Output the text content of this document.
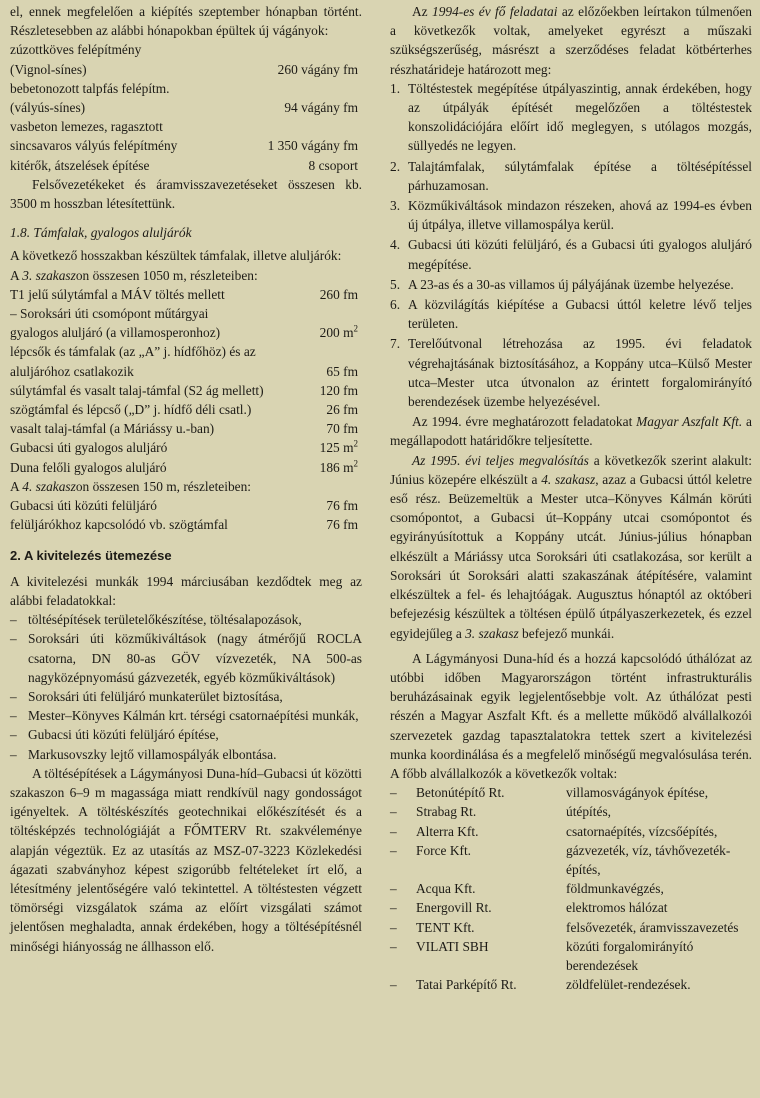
el, ennek megfelelően a kiépítés szeptember hónapban történt. Részletesebben az alábbi hónapokban épültek új vágányok:

zúzottköves felépítmény
(Vignol-sínes)	260 vágány fm
bebetonozott talpfás felépítm.
(vályús-sínes)	94 vágány fm
vasbeton lemezes, ragasztott
sincsavaros vályús felépítmény	1 350 vágány fm
kitérők, átszelések építése	8 csoport

Felsővezetékeket és áramvisszavezetéseket összesen kb. 3500 m hosszban létesítettünk.

1.8. Támfalak, gyalogos aluljárók

A következő hosszakban készültek támfalak, illetve aluljárók:

A 3. szakaszon összesen 1050 m, részleteiben:

T1 jelű súlytámfal a MÁV töltés mellett	260 fm
– Soroksári úti csomópont műtárgyai
gyalogos aluljáró (a villamosperonhoz)	200 $m^2$
lépcsők és támfalak (az „A” j. hídfőhöz) és az
aluljáróhoz csatlakozik	65 fm
súlytámfal és vasalt talaj-támfal (S2 ág mellett)	120 fm
szögtámfal és lépcső („D” j. hídfő déli csatl.)	26 fm
vasalt talaj-támfal (a Máriássy u.-ban)	70 fm
Gubacsi úti gyalogos aluljáró	125 $m^2$
Duna felőli gyalogos aluljáró	186 $m^2$

A 4. szakaszon összesen 150 m, részleteiben:

Gubacsi úti közúti felüljáró	76 fm
felüljárókhoz kapcsolódó vb. szögtámfal	76 fm
2. A kivitelezés ütemezése

A kivitelezési munkák 1994 márciusában kezdődtek meg az alábbi feladatokkal:

– töltésépítések területelőkészítése, töltésalapozások,
– Soroksári úti közműkiváltások (nagy átmérőjű ROCLA csatorna, DN 80-as GÖV vízvezeték, NA 500-as nagyközépnyomású gázvezeték, egyéb közműkiváltások)
– Soroksári úti felüljáró munkaterület biztosítása,
– Mester–Könyves Kálmán krt. térségi csatornaépítési munkák,
– Gubacsi úti közúti felüljáró építése,
– Markusovszky lejtő villamospályák elbontása.

A töltésépítések a Lágymányosi Duna-híd–Gubacsi út közötti szakaszon 6–9 m magassága miatt rendkívül nagy gondosságot igényeltek. A töltéskészítés geotechnikai előkészítését és a töltésképzés technológiáját a FŐMTERV Rt. szakvéleménye alapján végeztük. Ez az utasítás az MSZ-07-3223 Közlekedési ágazati szabványhoz képest szigorúbb feltételeket írt elő, a létesítmény jelentőségére való tekintettel. A töltéstesten végzett tömörségi vizsgálatok száma az előírt vizsgálati számot jelentősen meghaladta, annak érdekében, hogy a töltésépítésnél minőségi hiányosság ne állhasson elő.

Az 1994-es év fő feladatai az előzőekben leírtakon túlmenően a következők voltak, amelyeket egyrészt a műszaki szükségszerűség, másrészt a szerződéses feladat kötbérterhes részhatárideje határozott meg:

1. Töltéstestek megépítése útpályaszintig, annak érdekében, hogy az útpályák építését megelőzően a töltéstestek konszolidációjára előírt idő meglegyen, s utólagos mozgás, süllyedés ne legyen.
2. Talajtámfalak, súlytámfalak építése a töltésépítéssel párhuzamosan.
3. Közműkiváltások mindazon részeken, ahová az 1994-es évben új útpálya, illetve villamospálya kerül.
4. Gubacsi úti közúti felüljáró, és a Gubacsi úti gyalogos aluljáró megépítése.
5. A 23-as és a 30-as villamos új pályájának üzembe helyezése.
6. A közvilágítás kiépítése a Gubacsi úttól keletre lévő teljes területen.
7. Terelőútvonal létrehozása az 1995. évi feladatok végrehajtásának biztosításához, a Koppány utca–Külső Mester utca–Mester utca útvonalon az érintett forgalomirányító berendezések üzembe helyezésével.

Az 1994. évre meghatározott feladatokat Magyar Aszfalt Kft. a megállapodott határidőkre teljesítette.

Az 1995. évi teljes megvalósítás a következők szerint alakult: Június közepére elkészült a 4. szakasz, azaz a Gubacsi úttól keletre eső rész. Beüzemeltük a Mester utca–Könyves Kálmán körúti csomópontot, a Gubacsi út–Koppány utcai csomópontot és egyirányúsítottuk a Koppány utcát. Június-július hónapban elkészült a Máriássy utca Soroksári úti csatlakozása, sor került a Soroksári út Soroksári alatti szakaszának átépítésére, valamint elkészültek a fel- és lehajtóágak. Augusztus hónaptól az októberi befejezésig készültek a töltésen épülő útpályaszerkezetek, és ezzel egyidejűleg a 3. szakasz befejező munkái.

A Lágymányosi Duna-híd és a hozzá kapcsolódó úthálózat az utóbbi időben Magyarországon történt infrastrukturális beruházásainak egyik legjelentősebbje volt. Az úthálózat pesti részén a Magyar Aszfalt Kft. és a mellette működő alvállalkozói szervezetek gazdag tapasztalatokra tettek szert a kivitelezési munka koordinálása és a megfelelő minőségű megvalósulása terén. A főbb alvállalkozók a következők voltak:

–	Betonútépítő Rt.	villamosvágányok építése,
–	Strabag Rt.	útépítés,
–	Alterra Kft.	csatornaépítés, vízcsőépítés,
–	Force Kft.	gázvezeték, víz, távhővezeték-építés,
–	Acqua Kft.	földmunkavégzés,
–	Energovill Rt.	elektromos hálózat
–	TENT Kft.	felsővezeték, áramvisszavezetés
–	VILATI SBH	közúti forgalomirányító berendezések
–	Tatai Parképítő Rt.	zöldfelület-rendezések.
